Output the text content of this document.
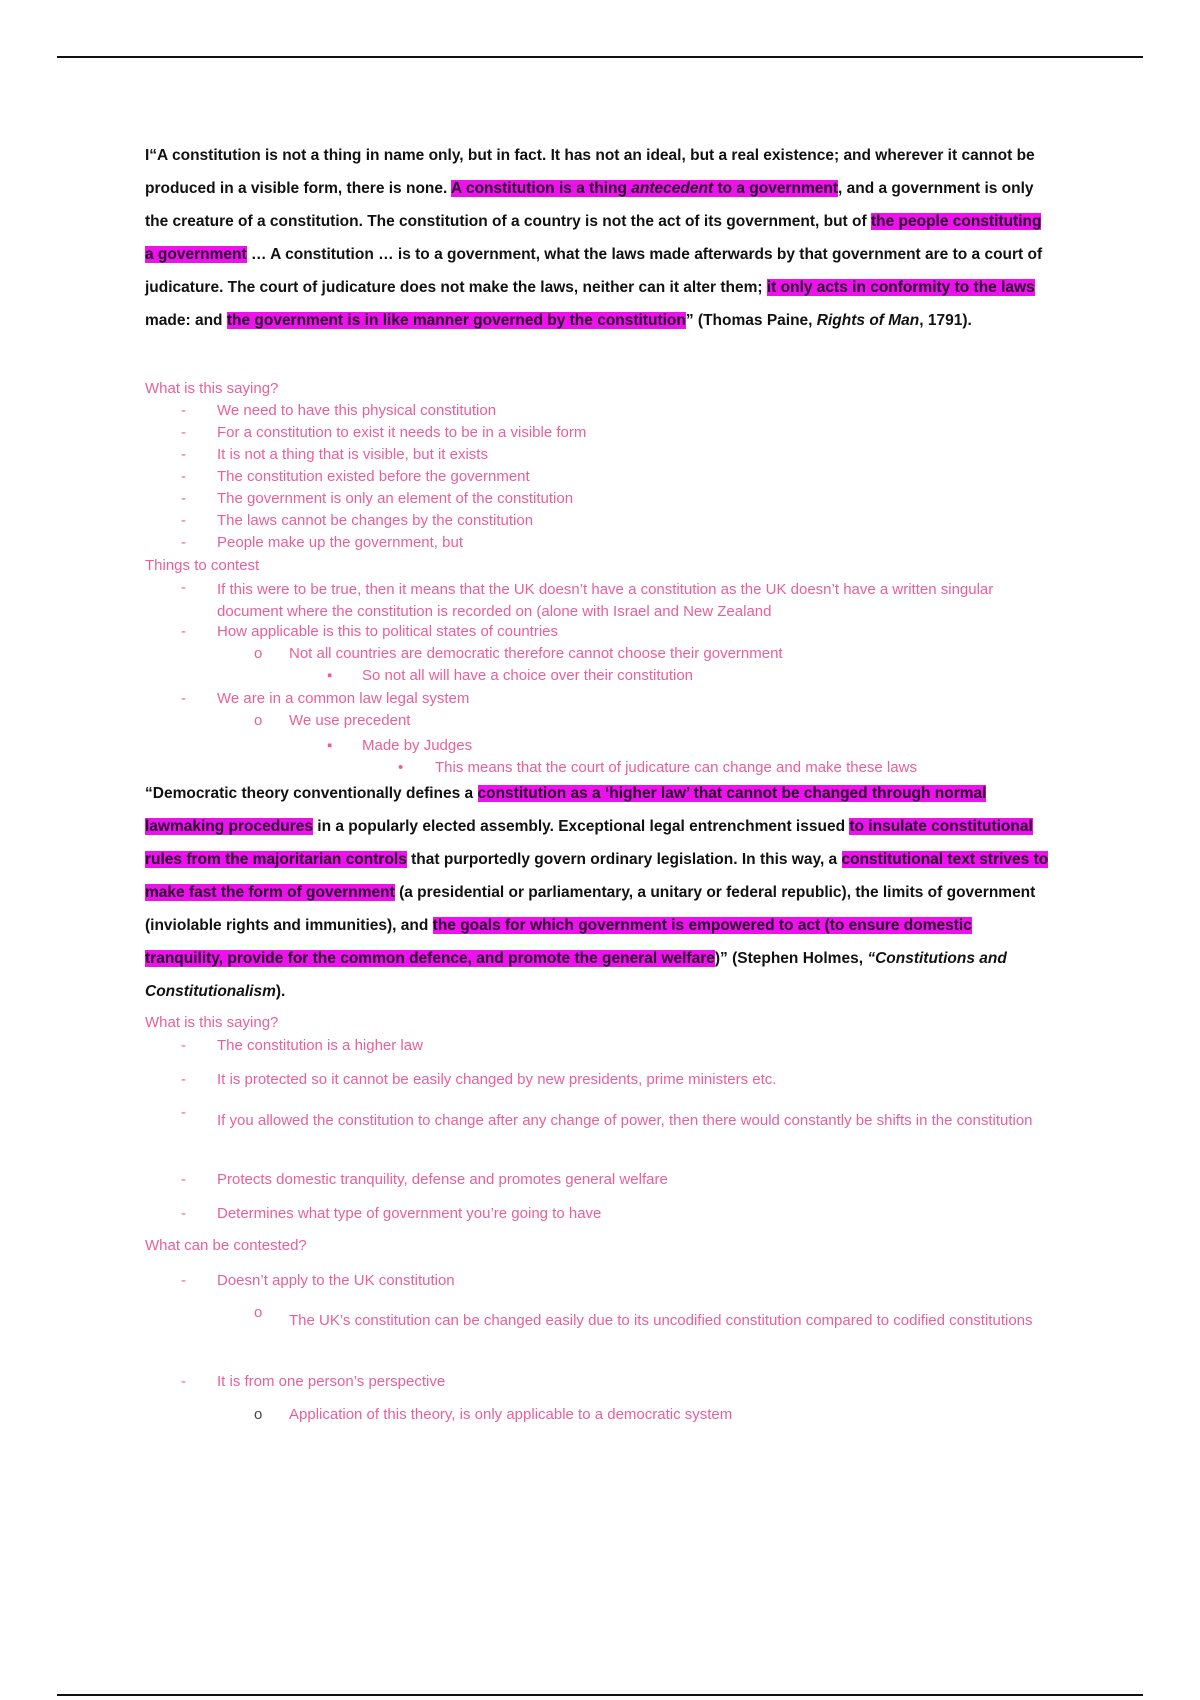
I“A constitution is not a thing in name only, but in fact. It has not an ideal, but a real existence; and wherever it cannot be produced in a visible form, there is none. A constitution is a thing antecedent to a government, and a government is only the creature of a constitution. The constitution of a country is not the act of its government, but of the people constituting a government … A constitution … is to a government, what the laws made afterwards by that government are to a court of judicature. The court of judicature does not make the laws, neither can it alter them; it only acts in conformity to the laws made: and the government is in like manner governed by the constitution” (Thomas Paine, Rights of Man, 1791).

What is this saying?

- We need to have this physical constitution

- For a constitution to exist it needs to be in a visible form

- It is not a thing that is visible, but it exists

- The constitution existed before the government

- The government is only an element of the constitution

- The laws cannot be changes by the constitution

- People make up the government, but

Things to contest

- If this were to be true, then it means that the UK doesn’t have a constitution as the UK doesn’t have a written singular document where the constitution is recorded on (alone with Israel and New Zealand

- How applicable is this to political states of countries

o Not all countries are democratic therefore cannot choose their government

▪ So not all will have a choice over their constitution

- We are in a common law legal system

o We use precedent

▪ Made by Judges

• This means that the court of judicature can change and make these laws

“Democratic theory conventionally defines a constitution as a ‘higher law’ that cannot be changed through normal lawmaking procedures in a popularly elected assembly. Exceptional legal entrenchment issued to insulate constitutional rules from the majoritarian controls that purportedly govern ordinary legislation. In this way, a constitutional text strives to make fast the form of government (a presidential or parliamentary, a unitary or federal republic), the limits of government (inviolable rights and immunities), and the goals for which government is empowered to act (to ensure domestic tranquility, provide for the common defence, and promote the general welfare)” (Stephen Holmes, “Constitutions and Constitutionalism).

What is this saying?

- The constitution is a higher law

- It is protected so it cannot be easily changed by new presidents, prime ministers etc.

- If you allowed the constitution to change after any change of power, then there would constantly be shifts in the constitution

- Protects domestic tranquility, defense and promotes general welfare

- Determines what type of government you’re going to have

What can be contested?

- Doesn’t apply to the UK constitution

o The UK’s constitution can be changed easily due to its uncodified constitution compared to codified constitutions

- It is from one person’s perspective

o Application of this theory, is only applicable to a democratic system
